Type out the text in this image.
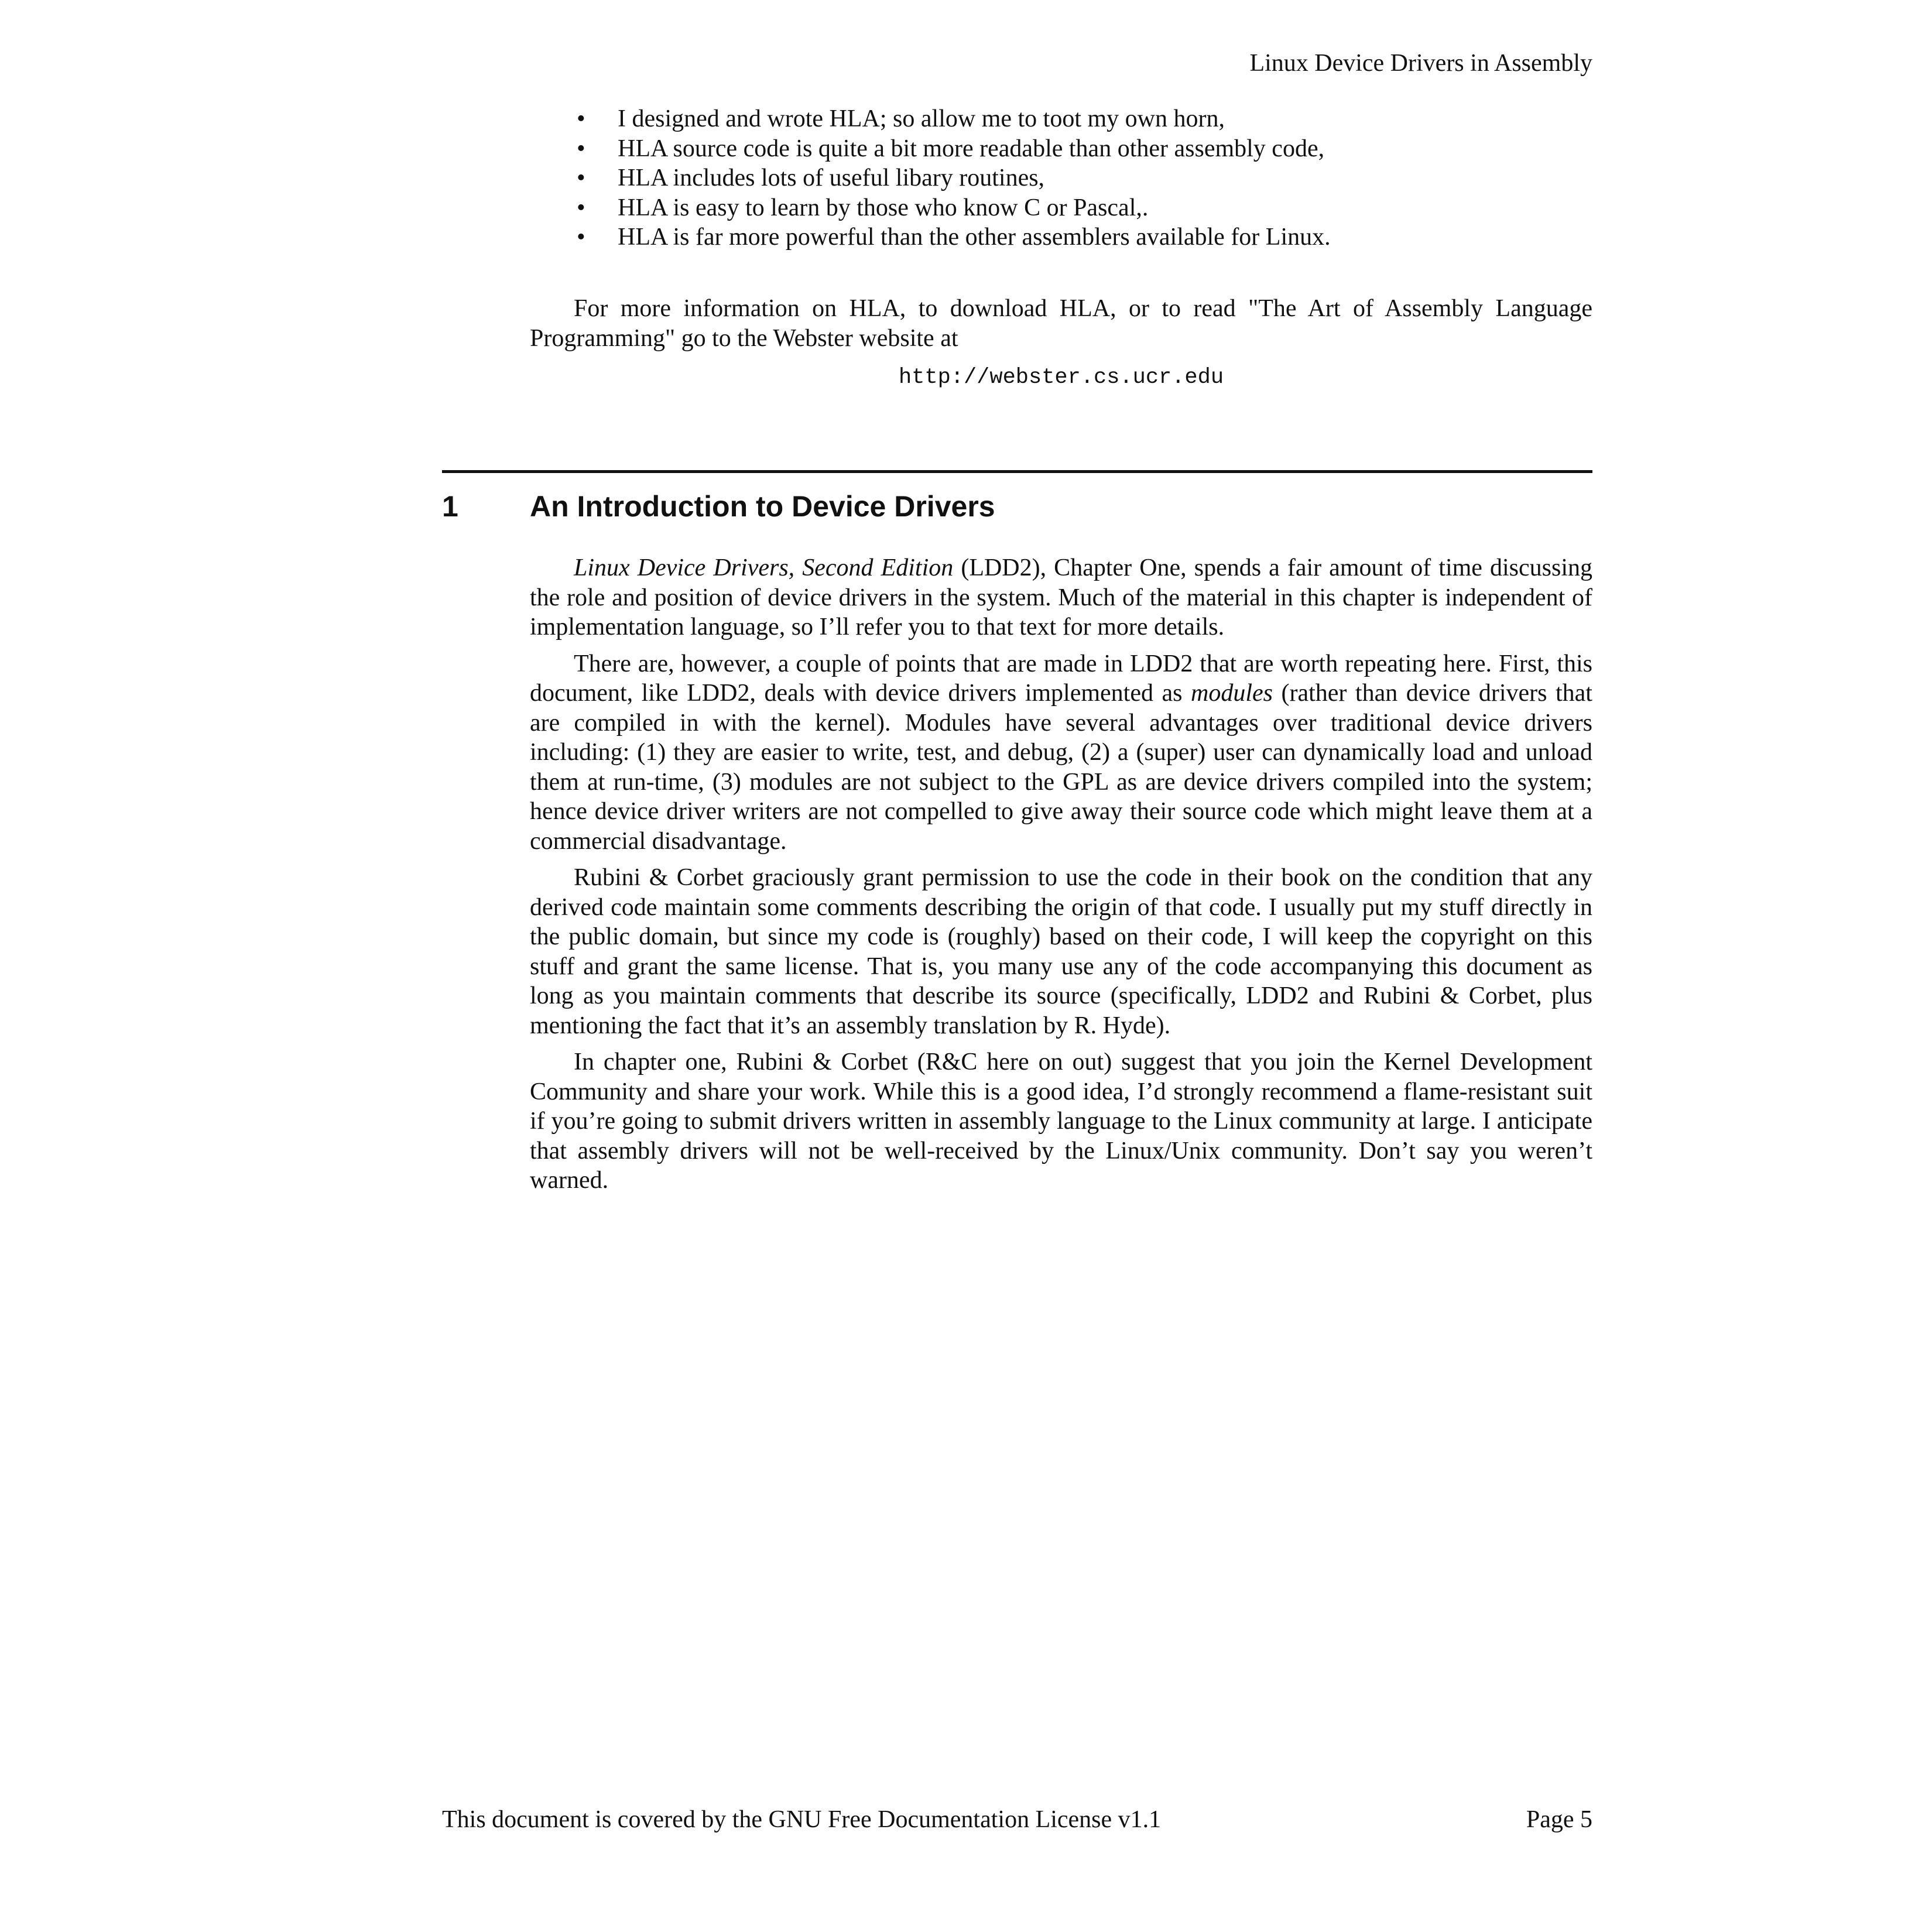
Linux Device Drivers in Assembly
•	I designed and wrote HLA; so allow me to toot my own horn,
•	HLA source code is quite a bit more readable than other assembly code,
•	HLA includes lots of useful libary routines,
•	HLA is easy to learn by those who know C or Pascal,.
•	HLA is far more powerful than the other assemblers available for Linux.

For more information on HLA, to download HLA, or to read "The Art of Assembly Language Programming" go to the Webster website at

http://webster.cs.ucr.edu
1 An Introduction to Device Drivers

Linux Device Drivers, Second Edition (LDD2), Chapter One, spends a fair amount of time discussing the role and position of device drivers in the system. Much of the material in this chapter is independent of implementation language, so I’ll refer you to that text for more details.

There are, however, a couple of points that are made in LDD2 that are worth repeating here. First, this document, like LDD2, deals with device drivers implemented as modules (rather than device drivers that are compiled in with the kernel). Modules have several advantages over traditional device drivers including: (1) they are easier to write, test, and debug, (2) a (super) user can dynamically load and unload them at run-time, (3) modules are not subject to the GPL as are device drivers compiled into the system; hence device driver writers are not compelled to give away their source code which might leave them at a commercial disadvantage.

Rubini & Corbet graciously grant permission to use the code in their book on the condition that any derived code maintain some comments describing the origin of that code. I usually put my stuff directly in the public domain, but since my code is (roughly) based on their code, I will keep the copyright on this stuff and grant the same license. That is, you many use any of the code accompanying this document as long as you maintain comments that describe its source (specifically, LDD2 and Rubini & Corbet, plus mentioning the fact that it’s an assembly translation by R. Hyde).

In chapter one, Rubini & Corbet (R&C here on out) suggest that you join the Kernel Development Community and share your work. While this is a good idea, I’d strongly recommend a flame-resistant suit if you’re going to submit drivers written in assembly language to the Linux community at large. I anticipate that assembly drivers will not be well-received by the Linux/Unix community. Don’t say you weren’t warned.

This document is covered by the GNU Free Documentation License v1.1	Page 5
